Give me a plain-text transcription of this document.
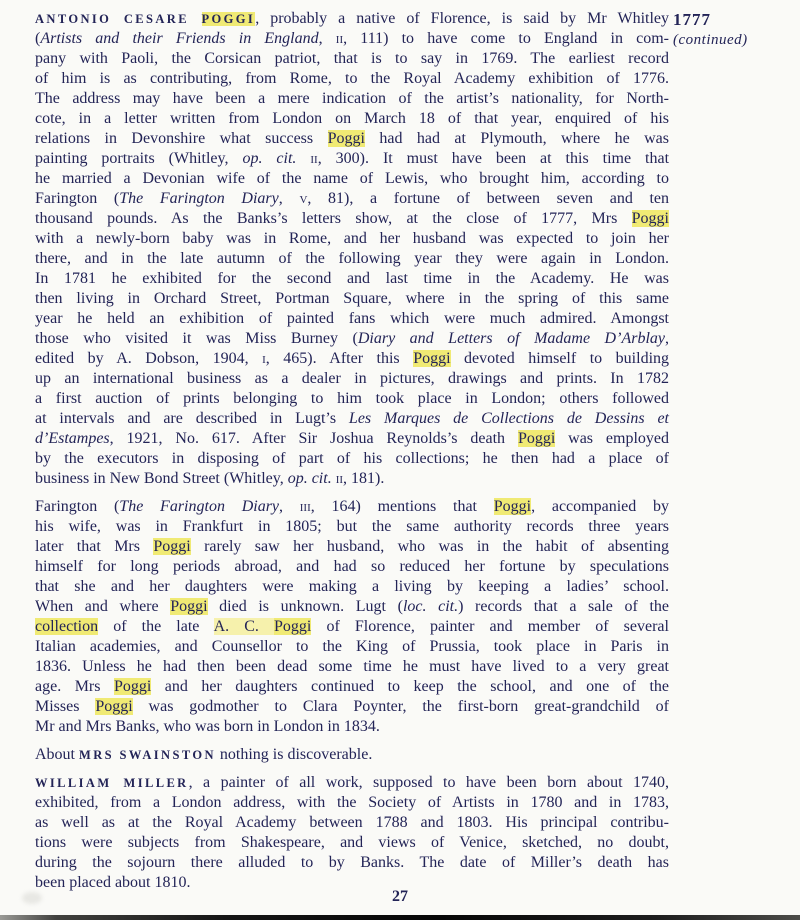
ANTONIO CESARE POGGI, probably a native of Florence, is said by Mr Whitley
(Artists and their Friends in England, ii, 111) to have come to England in com-
pany with Paoli, the Corsican patriot, that is to say in 1769. The earliest record
of him is as contributing, from Rome, to the Royal Academy exhibition of 1776.
The address may have been a mere indication of the artist’s nationality, for North-
cote, in a letter written from London on March 18 of that year, enquired of his
relations in Devonshire what success Poggi had had at Plymouth, where he was
painting portraits (Whitley, op. cit. ii, 300). It must have been at this time that
he married a Devonian wife of the name of Lewis, who brought him, according to
Farington (The Farington Diary, v, 81), a fortune of between seven and ten
thousand pounds. As the Banks’s letters show, at the close of 1777, Mrs Poggi
with a newly-born baby was in Rome, and her husband was expected to join her
there, and in the late autumn of the following year they were again in London.
In 1781 he exhibited for the second and last time in the Academy. He was
then living in Orchard Street, Portman Square, where in the spring of this same
year he held an exhibition of painted fans which were much admired. Amongst
those who visited it was Miss Burney (Diary and Letters of Madame D’Arblay,
edited by A. Dobson, 1904, i, 465). After this Poggi devoted himself to building
up an international business as a dealer in pictures, drawings and prints. In 1782
a first auction of prints belonging to him took place in London; others followed
at intervals and are described in Lugt’s Les Marques de Collections de Dessins et
d’Estampes, 1921, No. 617. After Sir Joshua Reynolds’s death Poggi was employed
by the executors in disposing of part of his collections; he then had a place of
business in New Bond Street (Whitley, op. cit. ii, 181).
Farington (The Farington Diary, iii, 164) mentions that Poggi, accompanied by
his wife, was in Frankfurt in 1805; but the same authority records three years
later that Mrs Poggi rarely saw her husband, who was in the habit of absenting
himself for long periods abroad, and had so reduced her fortune by speculations
that she and her daughters were making a living by keeping a ladies’ school.
When and where Poggi died is unknown. Lugt (loc. cit.) records that a sale of the
collection of the late A. C. Poggi of Florence, painter and member of several
Italian academies, and Counsellor to the King of Prussia, took place in Paris in
1836. Unless he had then been dead some time he must have lived to a very great
age. Mrs Poggi and her daughters continued to keep the school, and one of the
Misses Poggi was godmother to Clara Poynter, the first-born great-grandchild of
Mr and Mrs Banks, who was born in London in 1834.
About MRS SWAINSTON nothing is discoverable.
WILLIAM MILLER, a painter of all work, supposed to have been born about 1740,
exhibited, from a London address, with the Society of Artists in 1780 and in 1783,
as well as at the Royal Academy between 1788 and 1803. His principal contribu-
tions were subjects from Shakespeare, and views of Venice, sketched, no doubt,
during the sojourn there alluded to by Banks. The date of Miller’s death has
been placed about 1810.
1777
(continued)
27
